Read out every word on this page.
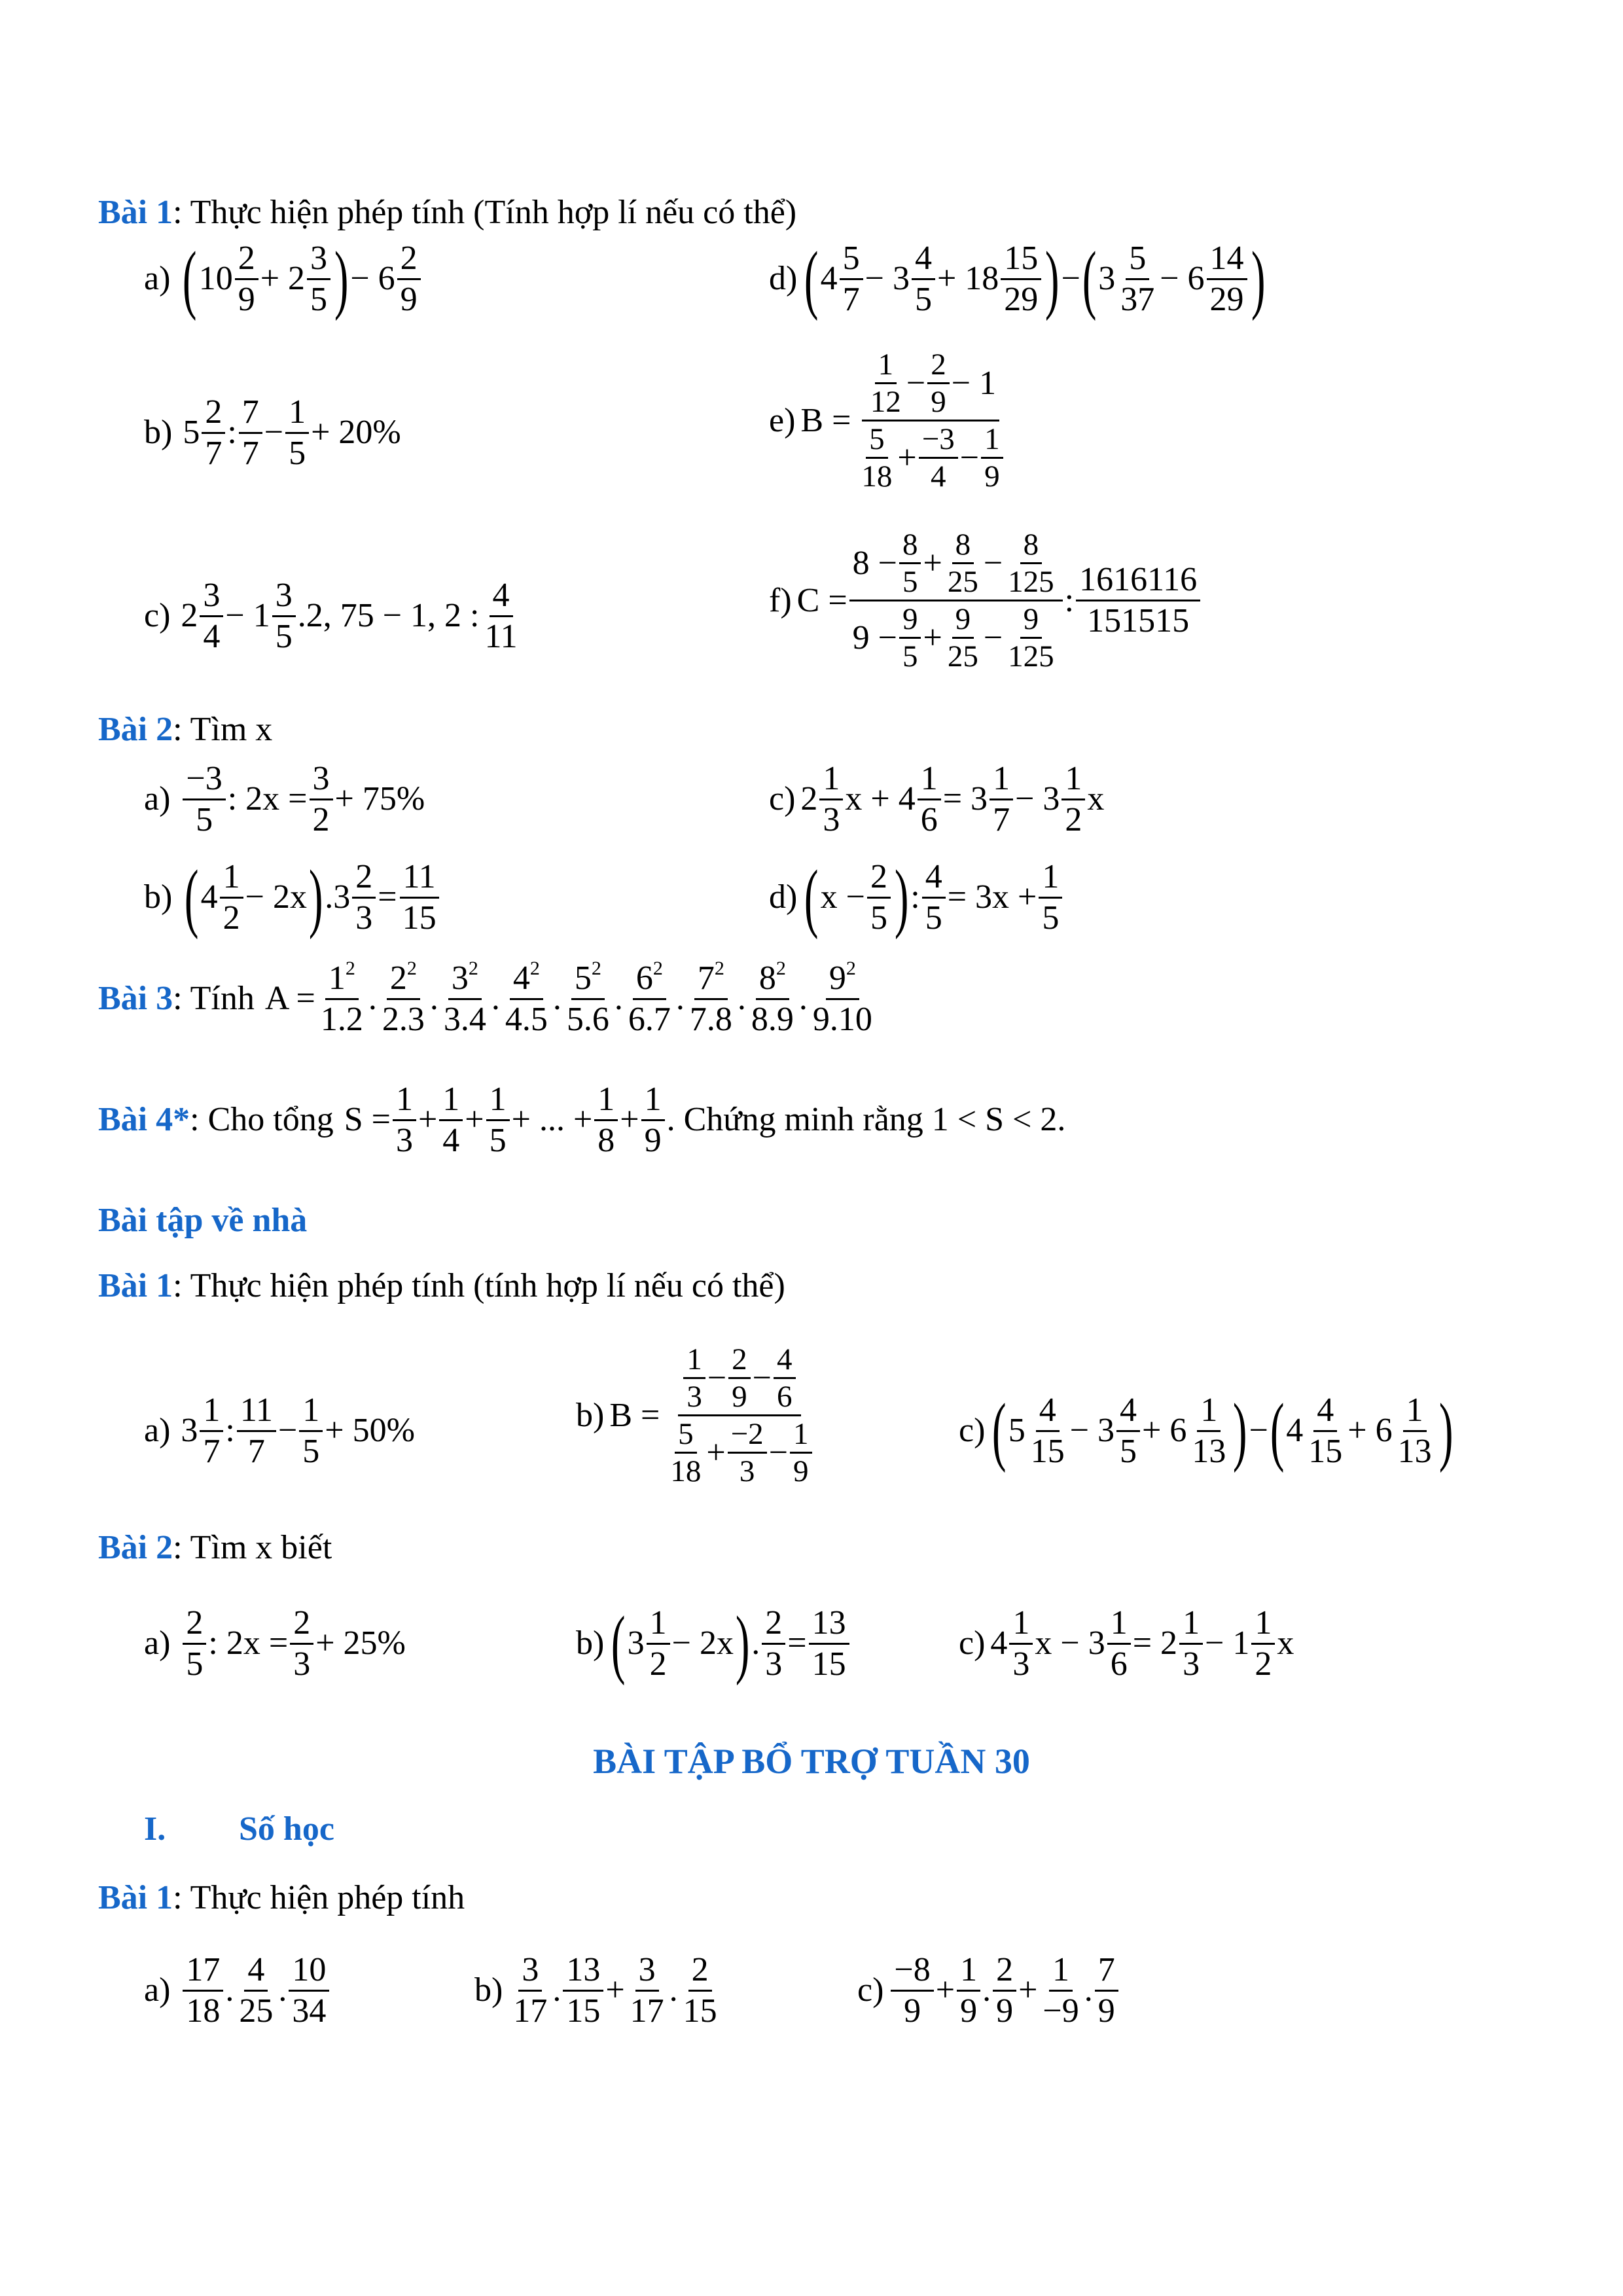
Bài 1: Thực hiện phép tính (Tính hợp lí nếu có thể)
a) ( $10 \frac{2}{9} + 2 \frac{3}{5}$ ) − $6 \frac{2}{9}$	d) ( $4 \frac{5}{7} - 3 \frac{4}{5} + 18 \frac{15}{29}$ ) − ( $3 \frac{5}{37} - 6 \frac{14}{29}$ )
b) $5 \frac{2}{7}$ : $\frac{7}{7} - \frac{1}{5} + 20\%$	e) $B = \frac{\frac{1}{12} - \frac{2}{9} - 1}{\frac{5}{18} + \frac{-3}{4} - \frac{1}{9}}$
c) $2 \frac{3}{4} - 1 \frac{3}{5} .2$, 75 − 1, 2 : $\frac{4}{11}$	f) $C = \frac{8 - \frac{8}{5} + \frac{8}{25} - \frac{8}{125}}{9 - \frac{9}{5} + \frac{9}{25} - \frac{9}{125}}$ : $\frac{1616116}{151515}$
Bài 2: Tìm x
$a) \frac{-3}{5}$ : $2x = \frac{3}{2} + 75\%$	c) $2 \frac{1}{3}$ $x + 4 \frac{1}{6} = 3 \frac{1}{7} - 3 \frac{1}{2}$ x
b) ( $4 \frac{1}{2} - 2x$ ) $.3 \frac{2}{3} = \frac{11}{15}$	d) ( $x - \frac{2}{5}$ ) : $\frac{4}{5} = 3x + \frac{1}{5}$
Bài 3 : Tính $A = \frac{1^2}{1.2}$ . $\frac{2^2}{2.3}$ . $\frac{3^2}{3.4}$ . $\frac{4^2}{4.5}$ . $\frac{5^2}{5.6}$ . $\frac{6^2}{6.7}$ . $\frac{7^2}{7.8}$ . $\frac{8^2}{8.9}$ . $\frac{9^2}{9.10}$
Bài 4* : Cho tổng $S = \frac{1}{3} + \frac{1}{4} + \frac{1}{5}$ + ... + $\frac{1}{8} + \frac{1}{9}$ . Chứng minh rằng 1 < S < 2.
Bài tập về nhà
Bài 1: Thực hiện phép tính (tính hợp lí nếu có thể)
a) $3 \frac{1}{7}$ : $\frac{11}{7} - \frac{1}{5} + 50\%$	b) $B = \frac{\frac{1}{3} - \frac{2}{9} - \frac{4}{6}}{\frac{5}{18} + \frac{-2}{3} - \frac{1}{9}}$	c) ( $5 \frac{4}{15} - 3 \frac{4}{5} + 6 \frac{1}{13}$ ) − ( $4 \frac{4}{15} + 6 \frac{1}{13}$ )
Bài 2: Tìm x biết
$a) \frac{2}{5}$ : $2x = \frac{2}{3} + 25\%$	b) ( $3 \frac{1}{2} - 2x$ ) . $\frac{2}{3} = \frac{13}{15}$	c) $4 \frac{1}{3}$ $x - 3 \frac{1}{6} = 2 \frac{1}{3} - 1 \frac{1}{2}$ x
BÀI TẬP BỔ TRỢ TUẦN 30
I. Số học
Bài 1: Thực hiện phép tính
$a) \frac{17}{18}$ . $\frac{4}{25}$ . $\frac{10}{34}$	$b) \frac{3}{17}$ . $\frac{13}{15} + \frac{3}{17}$ . $\frac{2}{15}$	$c) \frac{-8}{9} + \frac{1}{9}$ . $\frac{2}{9} + \frac{1}{-9}$ . $\frac{7}{9}$
